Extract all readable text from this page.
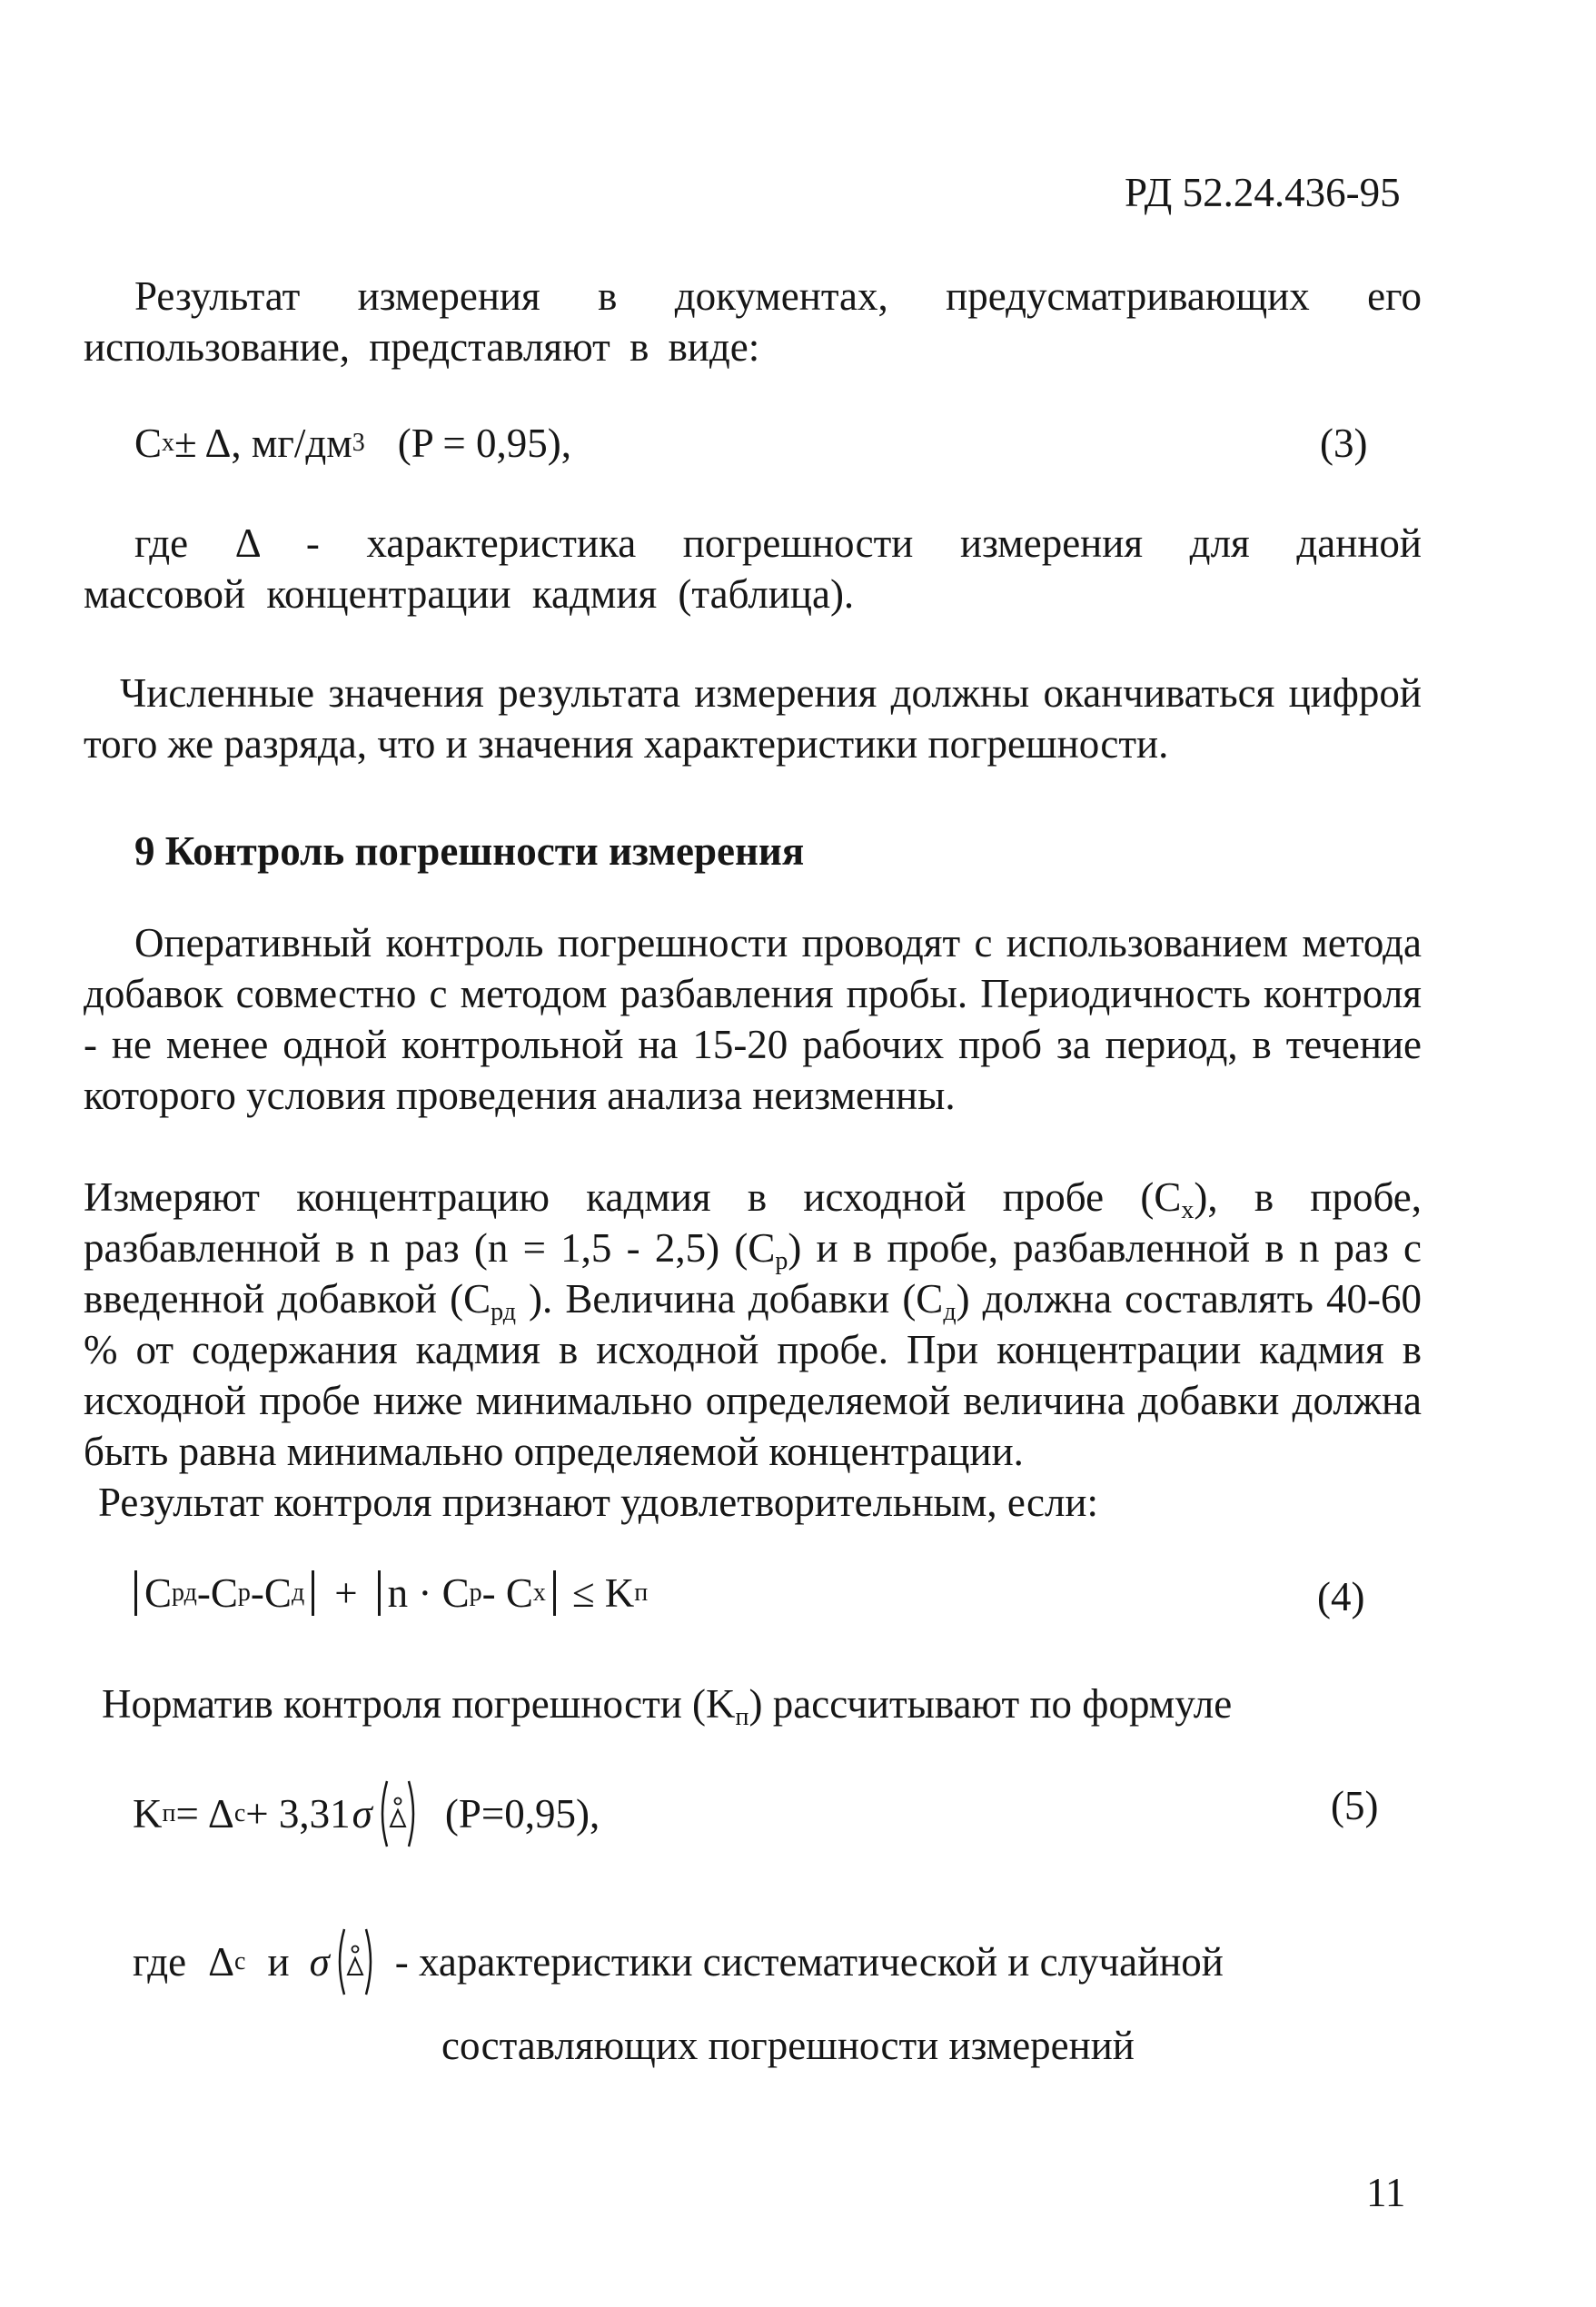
РД 52.24.436-95
Результат измерения в документах, предусматривающих его использование, представляют в виде:
C x ± Δ, мг/дм 3 (P = 0,95),	(3)
где Δ - характеристика погрешности измерения для данной массовой концентрации кадмия (таблица).
Численные значения результата измерения должны оканчиваться цифрой того же разряда, что и значения характеристики погрешности.
9 Контроль погрешности измерения
Оперативный контроль погрешности проводят с использованием метода добавок совместно с методом разбавления пробы. Периодичность контроля - не менее одной контрольной на 15-20 рабочих проб за период, в течение которого условия проведения анализа неизменны.
Измеряют концентрацию кадмия в исходной пробе $(C_x)$, в пробе, разбавленной в n раз (n = 1,5 - 2,5) $(C_p)$ и в пробе, разбавленной в n раз с введенной добавкой ($C_{рд}$ ). Величина добавки $(C_д)$ должна составлять 40-60 % от содержания кадмия в исходной пробе. При концентрации кадмия в исходной пробе ниже минимально определяемой величина добавки должна быть равна минимально определяемой концентрации.
Результат контроля признают удовлетворительным, если:
C рд - C р - C д + n · C р - C x ≤ K п	(4)
Норматив контроля погрешности $(K_п)$ рассчитывают по формуле
K п = Δ c + 3,31 σ (P=0,95),	(5)
где Δ c и σ - характеристики систематической и случайной
составляющих погрешности измерений
11
